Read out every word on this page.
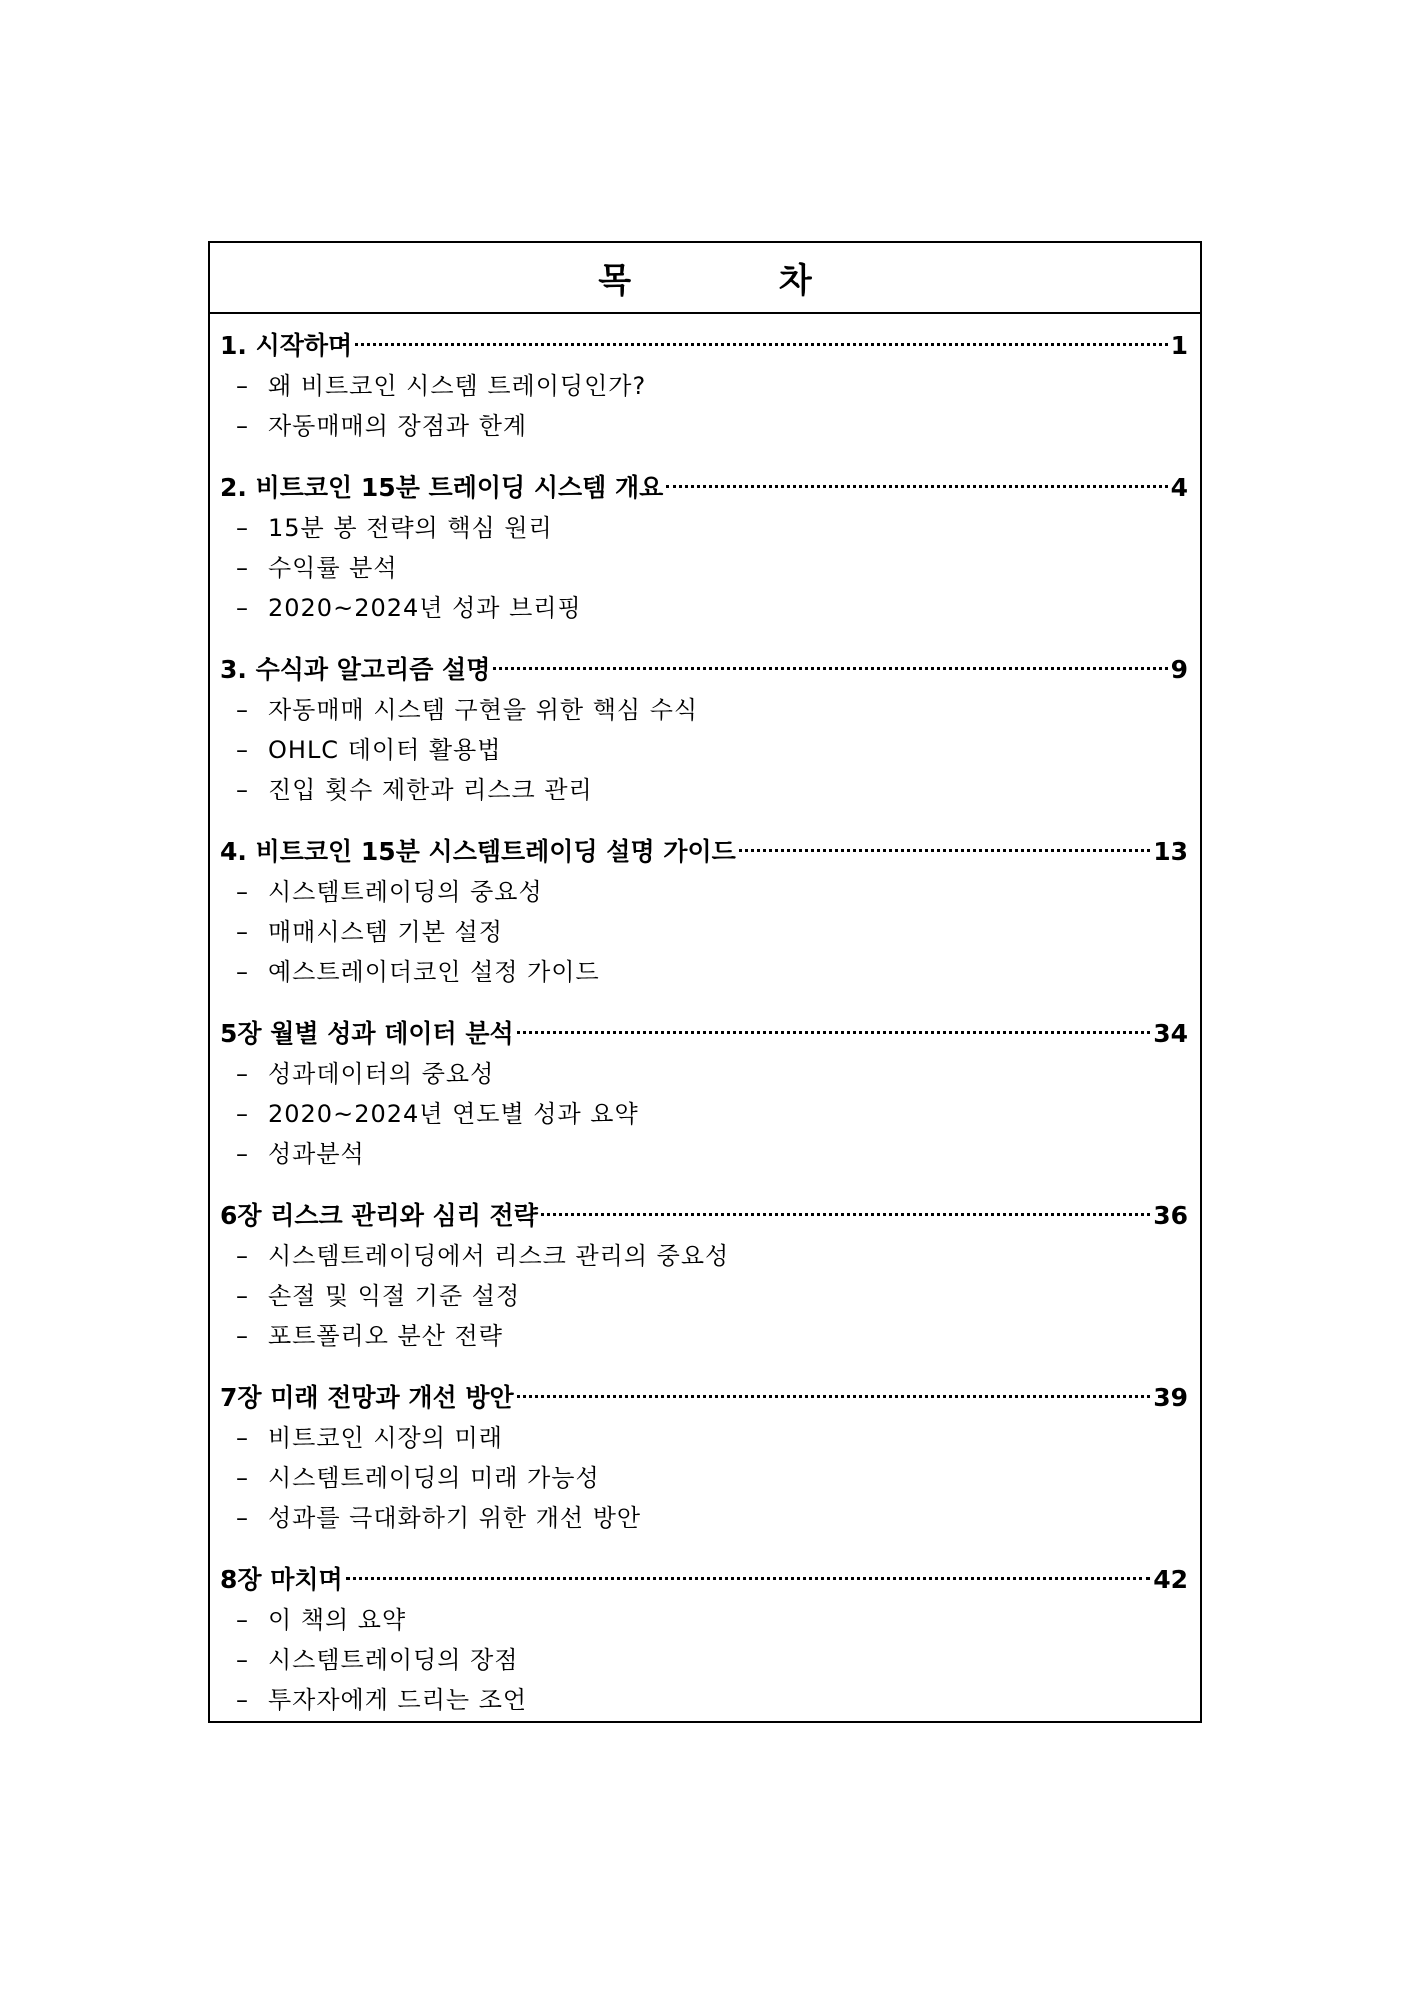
목 차
1. 시작하며	1
– 왜 비트코인 시스템 트레이딩인가?
– 자동매매의 장점과 한계
2. 비트코인 15분 트레이딩 시스템 개요	4
– 15분 봉 전략의 핵심 원리
– 수익률 분석
– 2020~2024년 성과 브리핑
3. 수식과 알고리즘 설명	9
– 자동매매 시스템 구현을 위한 핵심 수식
– OHLC 데이터 활용법
– 진입 횟수 제한과 리스크 관리
4. 비트코인 15분 시스템트레이딩 설명 가이드	13
– 시스템트레이딩의 중요성
– 매매시스템 기본 설정
– 예스트레이더코인 설정 가이드
5장 월별 성과 데이터 분석	34
– 성과데이터의 중요성
– 2020~2024년 연도별 성과 요약
– 성과분석
6장 리스크 관리와 심리 전략	36
– 시스템트레이딩에서 리스크 관리의 중요성
– 손절 및 익절 기준 설정
– 포트폴리오 분산 전략
7장 미래 전망과 개선 방안	39
– 비트코인 시장의 미래
– 시스템트레이딩의 미래 가능성
– 성과를 극대화하기 위한 개선 방안
8장 마치며	42
– 이 책의 요약
– 시스템트레이딩의 장점
– 투자자에게 드리는 조언
